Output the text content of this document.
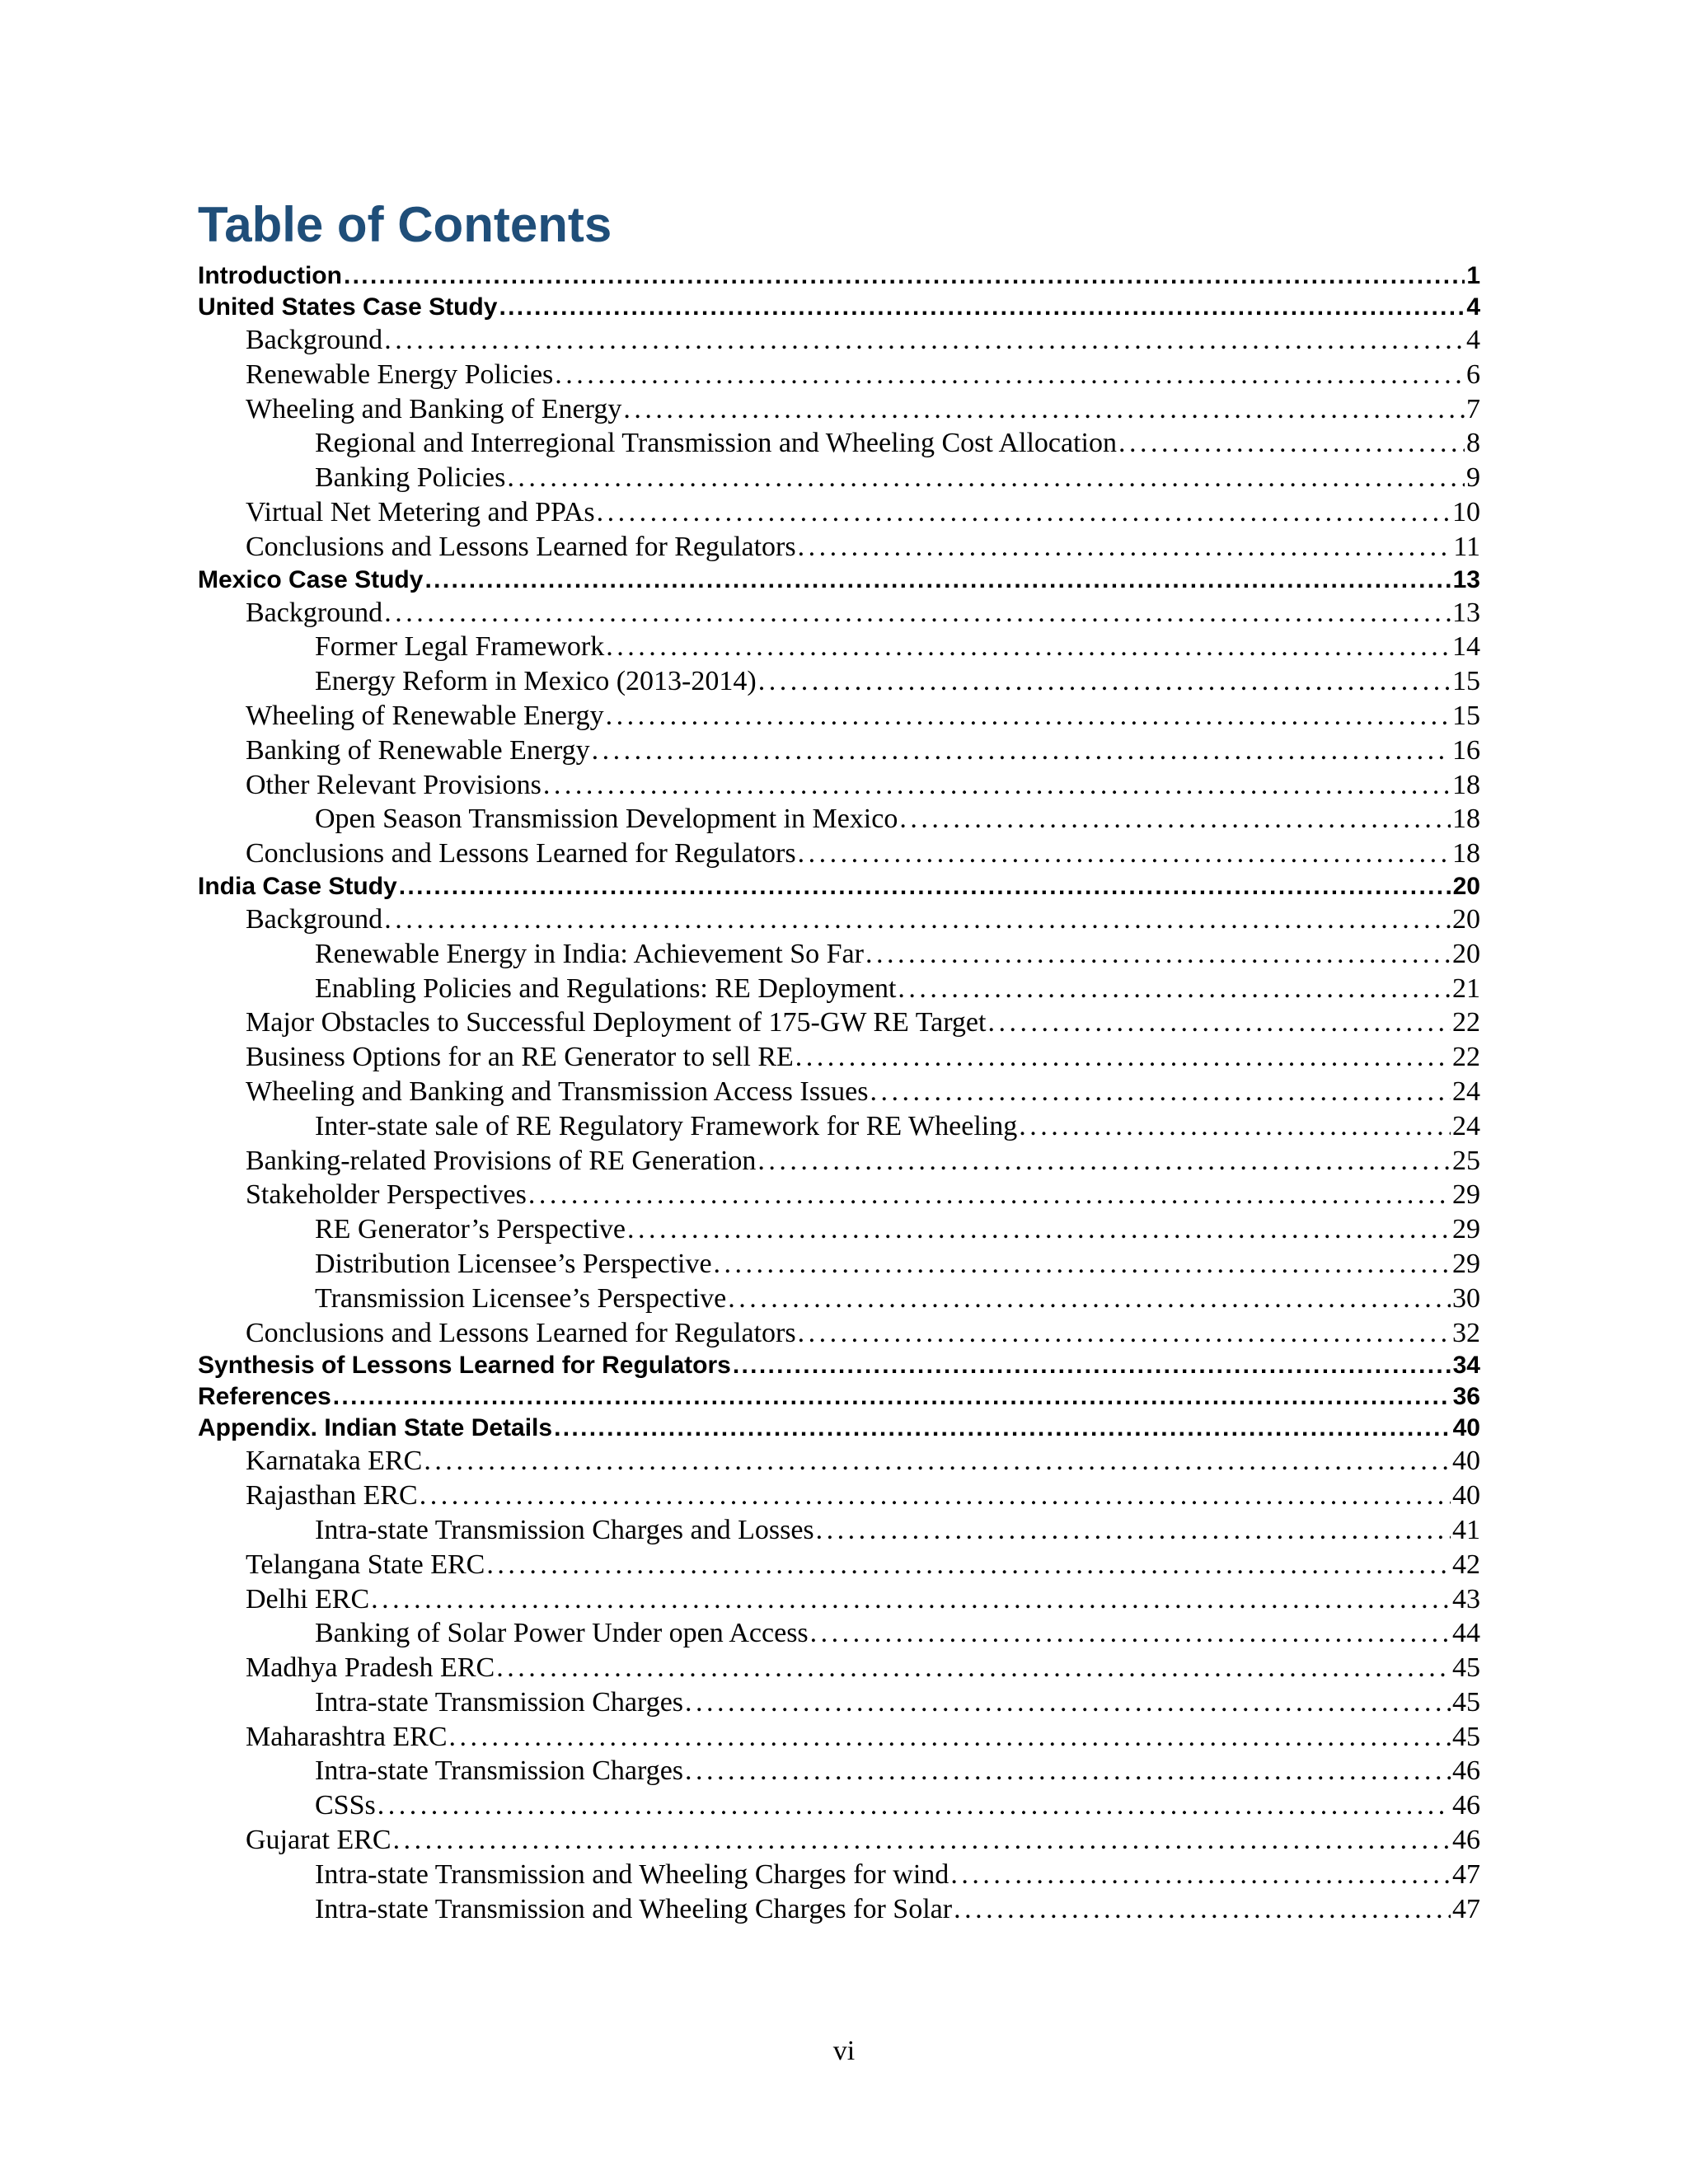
Table of Contents
Introduction . . .	1
United States Case Study . . .	4
Background . . .	4
Renewable Energy Policies . . .	6
Wheeling and Banking of Energy . . .	7
Regional and Interregional Transmission and Wheeling Cost Allocation . . .	8
Banking Policies . . .	9
Virtual Net Metering and PPAs . . .	10
Conclusions and Lessons Learned for Regulators . . .	11
Mexico Case Study . . .	13
Background . . .	13
Former Legal Framework . . .	14
Energy Reform in Mexico (2013-2014) . . .	15
Wheeling of Renewable Energy . . .	15
Banking of Renewable Energy . . .	16
Other Relevant Provisions . . .	18
Open Season Transmission Development in Mexico . . .	18
Conclusions and Lessons Learned for Regulators . . .	18
India Case Study . . .	20
Background . . .	20
Renewable Energy in India: Achievement So Far . . .	20
Enabling Policies and Regulations: RE Deployment . . .	21
Major Obstacles to Successful Deployment of 175-GW RE Target . . .	22
Business Options for an RE Generator to sell RE . . .	22
Wheeling and Banking and Transmission Access Issues . . .	24
Inter-state sale of RE Regulatory Framework for RE Wheeling . . .	24
Banking-related Provisions of RE Generation . . .	25
Stakeholder Perspectives . . .	29
RE Generator’s Perspective . . .	29
Distribution Licensee’s Perspective . . .	29
Transmission Licensee’s Perspective . . .	30
Conclusions and Lessons Learned for Regulators . . .	32
Synthesis of Lessons Learned for Regulators . . .	34
References . . .	36
Appendix. Indian State Details . . .	40
Karnataka ERC . . .	40
Rajasthan ERC . . .	40
Intra-state Transmission Charges and Losses . . .	41
Telangana State ERC . . .	42
Delhi ERC . . .	43
Banking of Solar Power Under open Access . . .	44
Madhya Pradesh ERC . . .	45
Intra-state Transmission Charges . . .	45
Maharashtra ERC . . .	45
Intra-state Transmission Charges . . .	46
CSSs . . .	46
Gujarat ERC . . .	46
Intra-state Transmission and Wheeling Charges for wind . . .	47
Intra-state Transmission and Wheeling Charges for Solar . . .	47
vi
